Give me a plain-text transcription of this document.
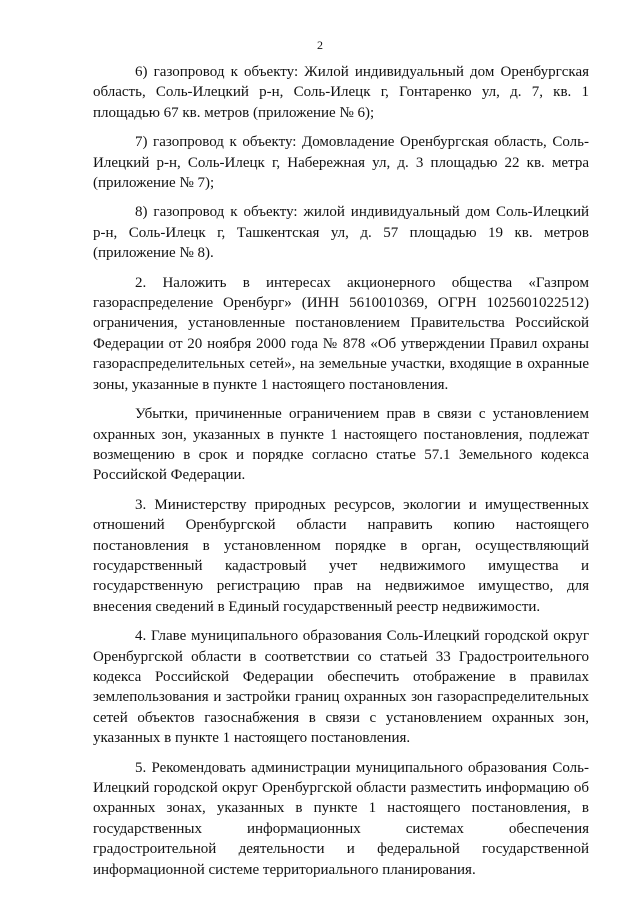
2

6) газопровод к объекту: Жилой индивидуальный дом Оренбургская область, Соль-Илецкий р-н, Соль-Илецк г, Гонтаренко ул, д. 7, кв. 1 площадью 67 кв. метров (приложение № 6);

7) газопровод к объекту: Домовладение Оренбургская область, Соль-Илецкий р-н, Соль-Илецк г, Набережная ул, д. 3 площадью 22 кв. метра (приложение № 7);

8) газопровод к объекту: жилой индивидуальный дом Соль-Илецкий р-н, Соль-Илецк г, Ташкентская ул, д. 57 площадью 19 кв. метров (приложение № 8).

2. Наложить в интересах акционерного общества «Газпром газораспределение Оренбург» (ИНН 5610010369, ОГРН 1025601022512) ограничения, установленные постановлением Правительства Российской Федерации от 20 ноября 2000 года № 878 «Об утверждении Правил охраны газораспределительных сетей», на земельные участки, входящие в охранные зоны, указанные в пункте 1 настоящего постановления.

Убытки, причиненные ограничением прав в связи с установлением охранных зон, указанных в пункте 1 настоящего постановления, подлежат возмещению в срок и порядке согласно статье 57.1 Земельного кодекса Российской Федерации.

3. Министерству природных ресурсов, экологии и имущественных отношений Оренбургской области направить копию настоящего постановления в установленном порядке в орган, осуществляющий государственный кадастровый учет недвижимого имущества и государственную регистрацию прав на недвижимое имущество, для внесения сведений в Единый государственный реестр недвижимости.

4. Главе муниципального образования Соль-Илецкий городской округ Оренбургской области в соответствии со статьей 33 Градостроительного кодекса Российской Федерации обеспечить отображение в правилах землепользования и застройки границ охранных зон газораспределительных сетей объектов газоснабжения в связи с установлением охранных зон, указанных в пункте 1 настоящего постановления.

5. Рекомендовать администрации муниципального образования Соль-Илецкий городской округ Оренбургской области разместить информацию об охранных зонах, указанных в пункте 1 настоящего постановления, в государственных информационных системах обеспечения градостроительной деятельности и федеральной государственной информационной системе территориального планирования.
